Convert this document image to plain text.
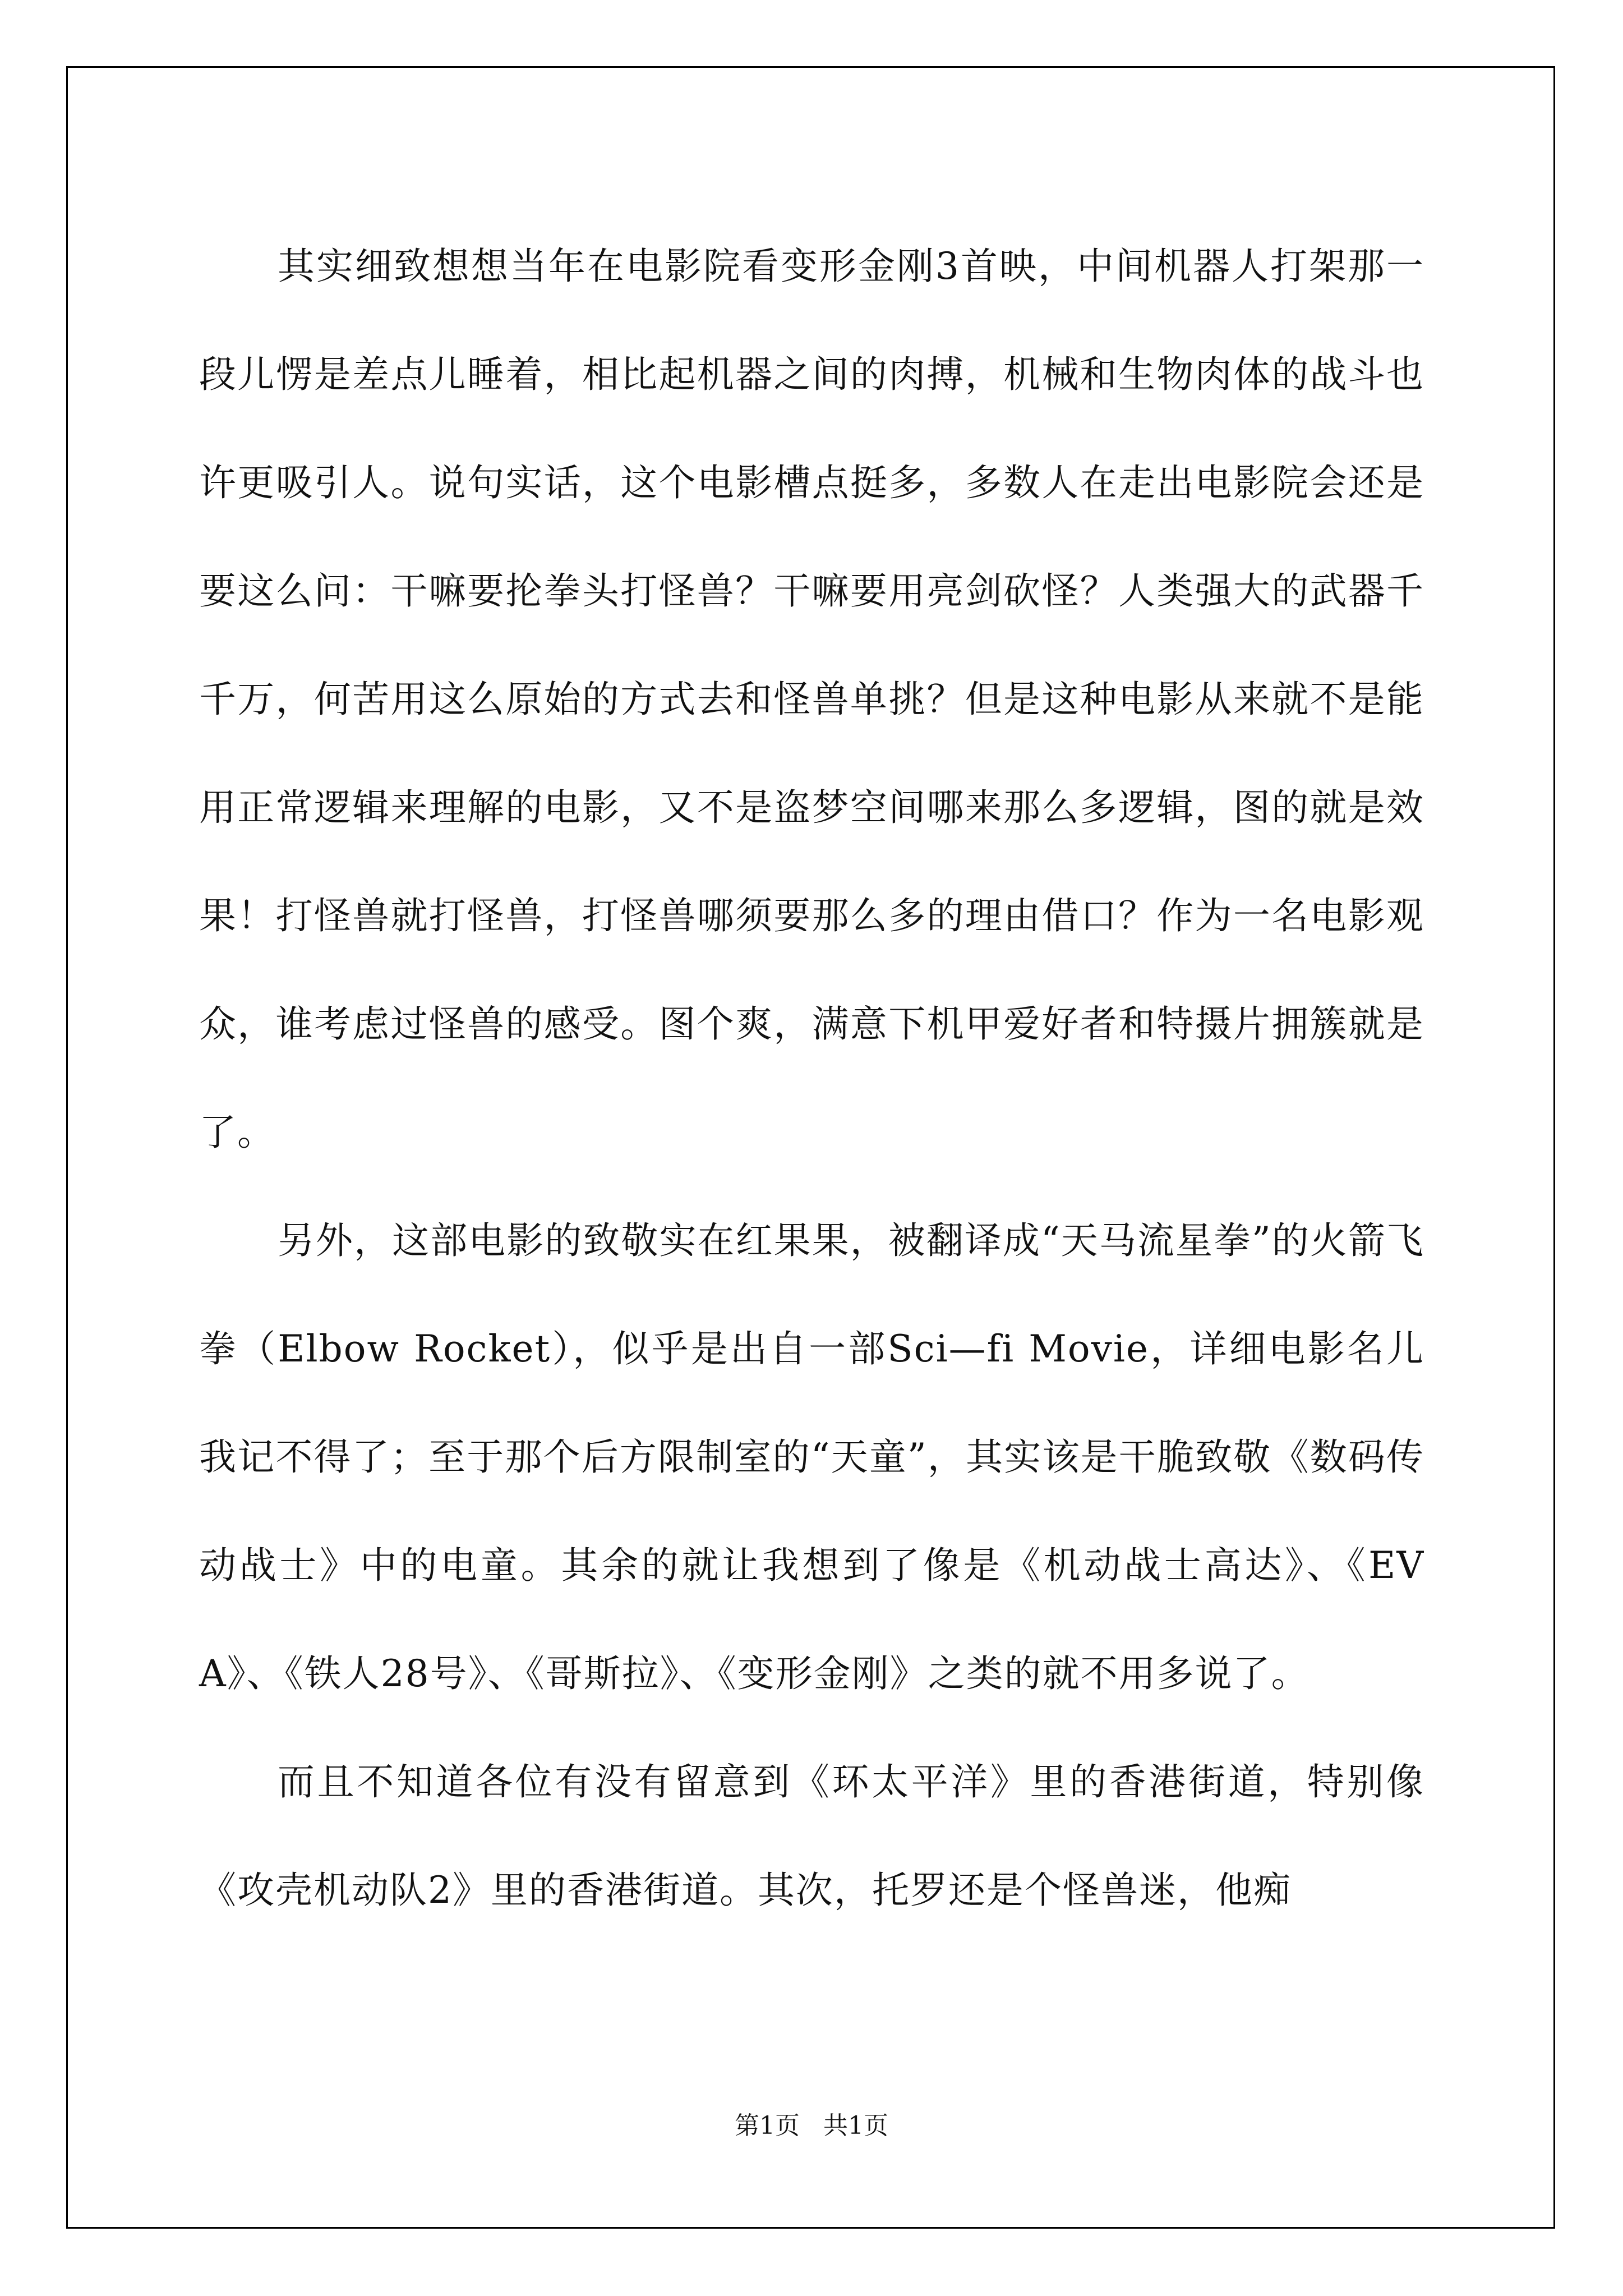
其实细致想想当年在电影院看变形金刚3首映，中间机器人打架那一段儿愣是差点儿睡着，相比起机器之间的肉搏，机械和生物肉体的战斗也许更吸引人。说句实话，这个电影槽点挺多，多数人在走出电影院会还是要这么问：干嘛要抡拳头打怪兽？干嘛要用亮剑砍怪？人类强大的武器千千万，何苦用这么原始的方式去和怪兽单挑？但是这种电影从来就不是能用正常逻辑来理解的电影，又不是盗梦空间哪来那么多逻辑，图的就是效果！打怪兽就打怪兽，打怪兽哪须要那么多的理由借口？作为一名电影观众，谁考虑过怪兽的感受。图个爽，满意下机甲爱好者和特摄片拥簇就是了。

另外，这部电影的致敬实在红果果，被翻译成“天马流星拳”的火箭飞拳（Elbow Rocket），似乎是出自一部Sci—fi Movie，详细电影名儿我记不得了；至于那个后方限制室的“天童”，其实该是干脆致敬《数码传动战士》中的电童。其余的就让我想到了像是《机动战士高达》、《EVA》、《铁人28号》、《哥斯拉》、《变形金刚》之类的就不用多说了。

而且不知道各位有没有留意到《环太平洋》里的香港街道，特别像《攻壳机动队2》里的香港街道。其次，托罗还是个怪兽迷，他痴

第1页   共1页
